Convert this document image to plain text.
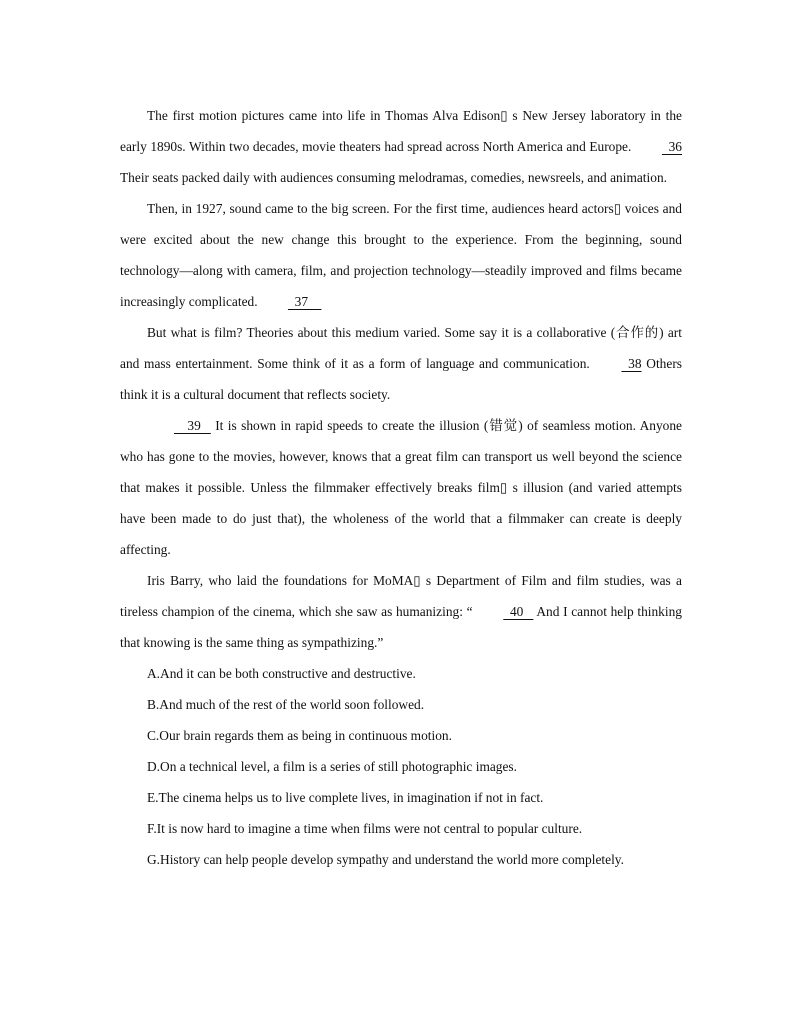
The first motion pictures came into life in Thomas Alva Edison▯ s New Jersey laboratory in the early 1890s. Within two decades, movie theaters had spread across North America and Europe.   36 Their seats packed daily with audiences consuming melodramas, comedies, newsreels, and animation.

Then, in 1927, sound came to the big screen. For the first time, audiences heard actors▯ voices and were excited about the new change this brought to the experience. From the beginning, sound technology—along with camera, film, and projection technology—steadily improved and films became increasingly complicated.   37

But what is film? Theories about this medium varied. Some say it is a collaborative (合作的) art and mass entertainment. Some think of it as a form of language and communication.   38 Others think it is a cultural document that reflects society.

39    It is shown in rapid speeds to create the illusion (错觉) of seamless motion. Anyone who has gone to the movies, however, knows that a great film can transport us well beyond the science that makes it possible. Unless the filmmaker effectively breaks film▯ s illusion (and varied attempts have been made to do just that), the wholeness of the world that a filmmaker can create is deeply affecting.

Iris Barry, who laid the foundations for MoMA▯ s Department of Film and film studies, was a tireless champion of the cinema, which she saw as humanizing: “   40    And I cannot help thinking that knowing is the same thing as sympathizing.”

A.And it can be both constructive and destructive.
B.And much of the rest of the world soon followed.
C.Our brain regards them as being in continuous motion.
D.On a technical level, a film is a series of still photographic images.
E.The cinema helps us to live complete lives, in imagination if not in fact.
F.It is now hard to imagine a time when films were not central to popular culture.
G.History can help people develop sympathy and understand the world more completely.
